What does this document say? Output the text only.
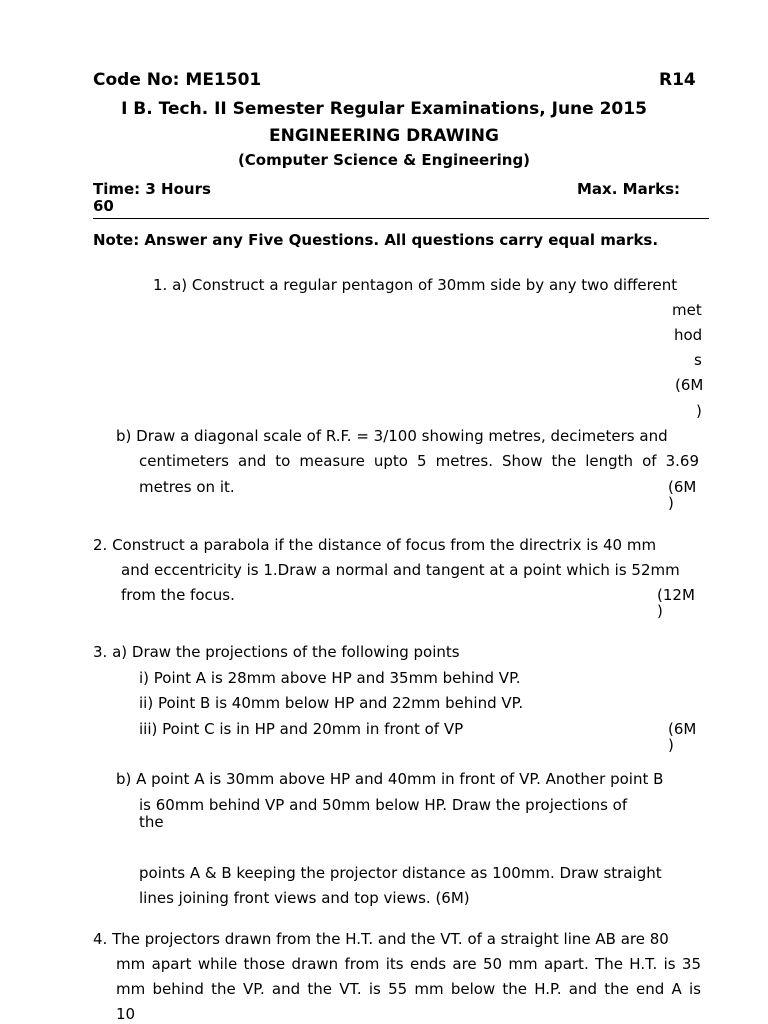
Code No: ME1501	R14
I B. Tech. II Semester Regular Examinations, June 2015
ENGINEERING DRAWING
(Computer Science & Engineering)
Time: 3 Hours	Max. Marks:
60
Note: Answer any Five Questions. All questions carry equal marks.
1. a) Construct a regular pentagon of 30mm side by any two different
met
hod
s
(6M
)
b) Draw a diagonal scale of R.F. = 3/100 showing metres, decimeters and
centimeters and to measure upto 5 metres. Show the length of 3.69
metres on it.	(6M
)
2. Construct a parabola if the distance of focus from the directrix is 40 mm
and eccentricity is 1.Draw a normal and tangent at a point which is 52mm
from the focus.	(12M
)
3. a) Draw the projections of the following points
i) Point A is 28mm above HP and 35mm behind VP.
ii) Point B is 40mm below HP and 22mm behind VP.
iii) Point C is in HP and 20mm in front of VP	(6M
)
b) A point A is 30mm above HP and 40mm in front of VP. Another point B
is 60mm behind VP and 50mm below HP. Draw the projections of
the
points A & B keeping the projector distance as 100mm. Draw straight
lines joining front views and top views. (6M)
4. The projectors drawn from the H.T. and the VT. of a straight line AB are 80
mm apart while those drawn from its ends are 50 mm apart. The H.T. is 35
mm behind the VP. and the VT. is 55 mm below the H.P. and the end A is
10
